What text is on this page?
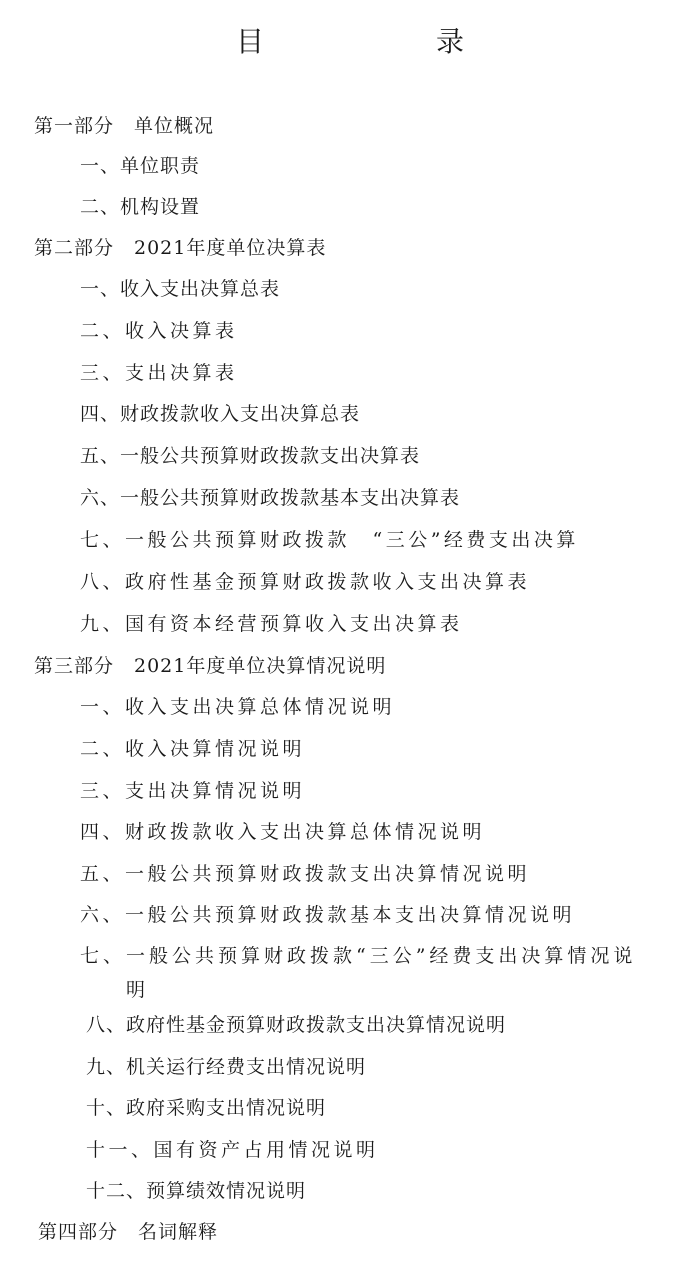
目　录
第一部分　单位概况
一、单位职责
二、机构设置
第二部分　2021年度单位决算表
一、收入支出决算总表
二、收入决算表
三、支出决算表
四、财政拨款收入支出决算总表
五、一般公共预算财政拨款支出决算表
六、一般公共预算财政拨款基本支出决算表
七、一般公共预算财政拨款　“三公”经费支出决算
八、政府性基金预算财政拨款收入支出决算表
九、国有资本经营预算收入支出决算表
第三部分　2021年度单位决算情况说明
一、收入支出决算总体情况说明
二、收入决算情况说明
三、支出决算情况说明
四、财政拨款收入支出决算总体情况说明
五、一般公共预算财政拨款支出决算情况说明
六、一般公共预算财政拨款基本支出决算情况说明
七、一般公共预算财政拨款“三公”经费支出决算情况说
明
八、政府性基金预算财政拨款支出决算情况说明
九、机关运行经费支出情况说明
十、政府采购支出情况说明
十一、国有资产占用情况说明
十二、预算绩效情况说明
第四部分　名词解释
